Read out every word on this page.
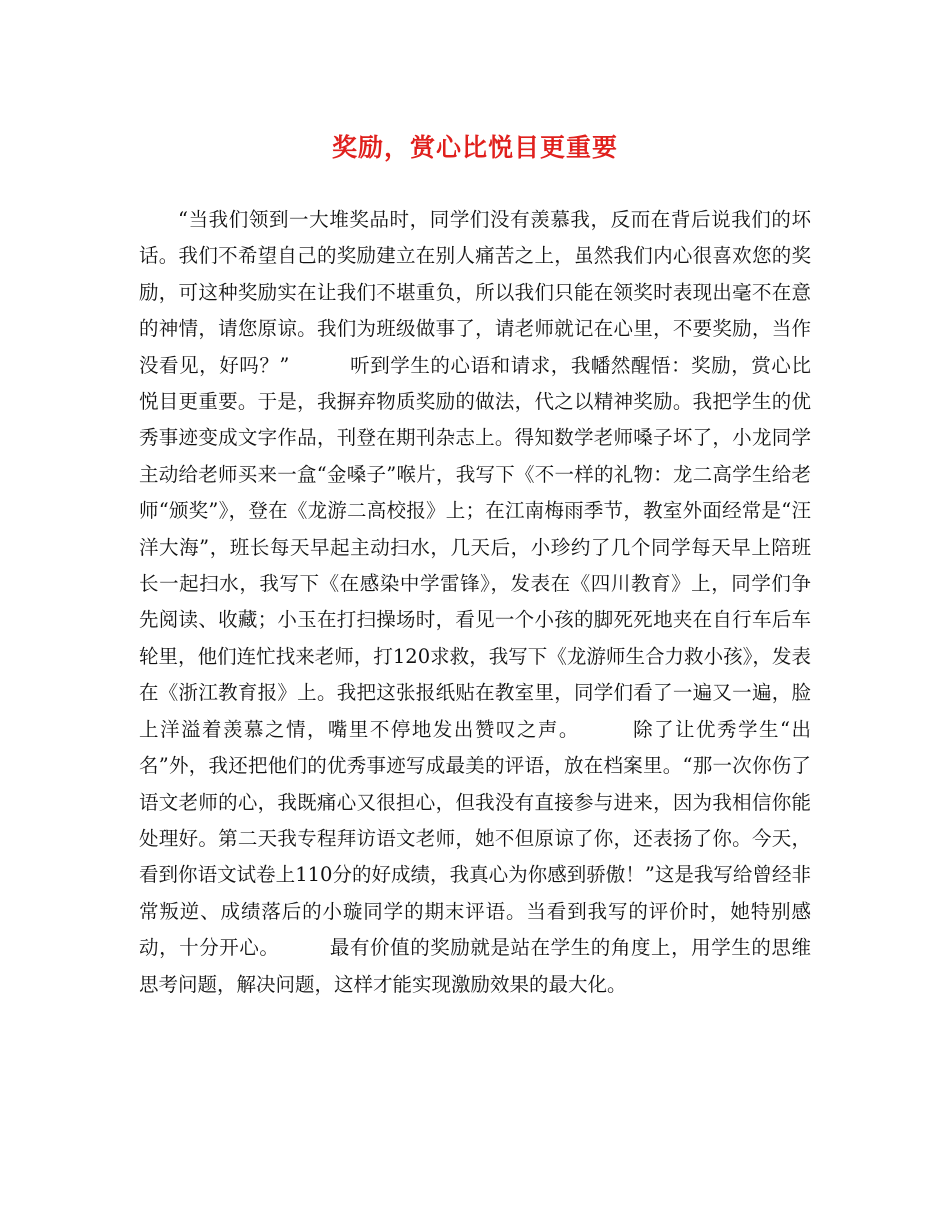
奖励，赏心比悦目更重要

“当我们领到一大堆奖品时，同学们没有羡慕我，反而在背后说我们的坏话。我们不希望自己的奖励建立在别人痛苦之上，虽然我们内心很喜欢您的奖励，可这种奖励实在让我们不堪重负，所以我们只能在领奖时表现出毫不在意的神情，请您原谅。我们为班级做事了，请老师就记在心里，不要奖励，当作没看见，好吗？”　　　听到学生的心语和请求，我幡然醒悟：奖励，赏心比悦目更重要。于是，我摒弃物质奖励的做法，代之以精神奖励。我把学生的优秀事迹变成文字作品，刊登在期刊杂志上。得知数学老师嗓子坏了，小龙同学主动给老师买来一盒“金嗓子”喉片，我写下《不一样的礼物：龙二高学生给老师“颁奖”》，登在《龙游二高校报》上；在江南梅雨季节，教室外面经常是“汪洋大海”，班长每天早起主动扫水，几天后，小珍约了几个同学每天早上陪班长一起扫水，我写下《在感染中学雷锋》，发表在《四川教育》上，同学们争先阅读、收藏；小玉在打扫操场时，看见一个小孩的脚死死地夹在自行车后车轮里，他们连忙找来老师，打120求救，我写下《龙游师生合力救小孩》，发表在《浙江教育报》上。我把这张报纸贴在教室里，同学们看了一遍又一遍，脸上洋溢着羡慕之情，嘴里不停地发出赞叹之声。　　　除了让优秀学生“出名”外，我还把他们的优秀事迹写成最美的评语，放在档案里。“那一次你伤了语文老师的心，我既痛心又很担心，但我没有直接参与进来，因为我相信你能处理好。第二天我专程拜访语文老师，她不但原谅了你，还表扬了你。今天，看到你语文试卷上110分的好成绩，我真心为你感到骄傲！”这是我写给曾经非常叛逆、成绩落后的小璇同学的期末评语。当看到我写的评价时，她特别感动，十分开心。　　　最有价值的奖励就是站在学生的角度上，用学生的思维思考问题，解决问题，这样才能实现激励效果的最大化。
